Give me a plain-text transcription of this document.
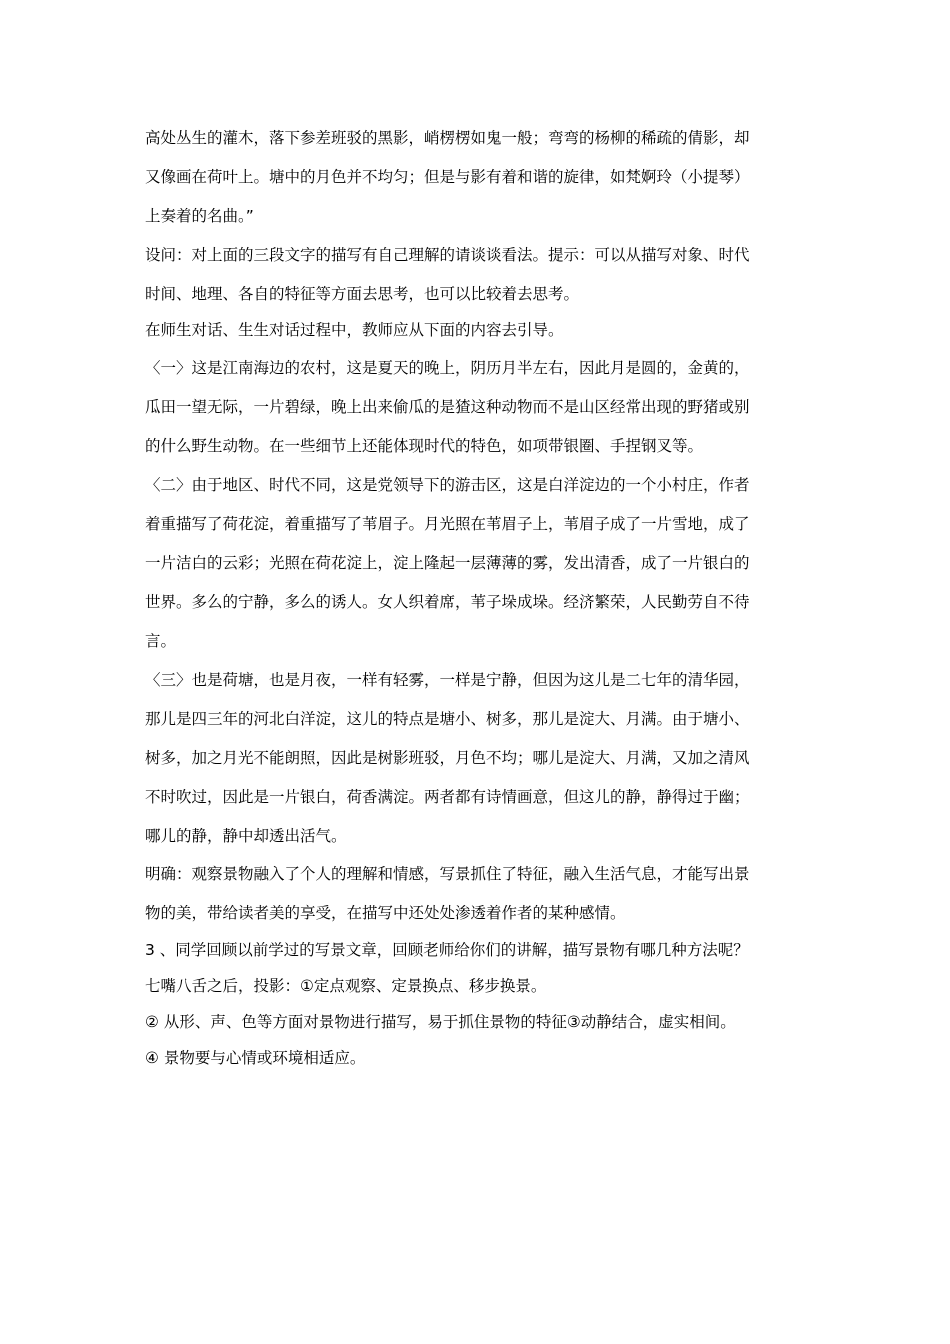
高处丛生的灌木，落下参差班驳的黑影，峭楞楞如鬼一般；弯弯的杨柳的稀疏的倩影，却
又像画在荷叶上。塘中的月色并不均匀；但是与影有着和谐的旋律，如梵婀玲（小提琴）
上奏着的名曲。”
设问：对上面的三段文字的描写有自己理解的请谈谈看法。提示：可以从描写对象、时代
时间、地理、各自的特征等方面去思考，也可以比较着去思考。
在师生对话、生生对话过程中，教师应从下面的内容去引导。
〈一〉这是江南海边的农村，这是夏天的晚上，阴历月半左右，因此月是圆的，金黄的，
瓜田一望无际，一片碧绿，晚上出来偷瓜的是猹这种动物而不是山区经常出现的野猪或别
的什么野生动物。在一些细节上还能体现时代的特色，如项带银圈、手捏钢叉等。
〈二〉由于地区、时代不同，这是党领导下的游击区，这是白洋淀边的一个小村庄，作者
着重描写了荷花淀，着重描写了苇眉子。月光照在苇眉子上，苇眉子成了一片雪地，成了
一片洁白的云彩；光照在荷花淀上，淀上隆起一层薄薄的雾，发出清香，成了一片银白的
世界。多么的宁静，多么的诱人。女人织着席，苇子垛成垛。经济繁荣，人民勤劳自不待
言。
〈三〉也是荷塘，也是月夜，一样有轻雾，一样是宁静，但因为这儿是二七年的清华园，
那儿是四三年的河北白洋淀，这儿的特点是塘小、树多，那儿是淀大、月满。由于塘小、
树多，加之月光不能朗照，因此是树影班驳，月色不均；哪儿是淀大、月满，又加之清风
不时吹过，因此是一片银白，荷香满淀。两者都有诗情画意，但这儿的静，静得过于幽；
哪儿的静，静中却透出活气。
明确：观察景物融入了个人的理解和情感，写景抓住了特征，融入生活气息，才能写出景
物的美，带给读者美的享受，在描写中还处处渗透着作者的某种感情。
3 、同学回顾以前学过的写景文章，回顾老师给你们的讲解，描写景物有哪几种方法呢？
七嘴八舌之后，投影：①定点观察、定景换点、移步换景。
② 从形、声、色等方面对景物进行描写，易于抓住景物的特征③动静结合，虚实相间。
④ 景物要与心情或环境相适应。
